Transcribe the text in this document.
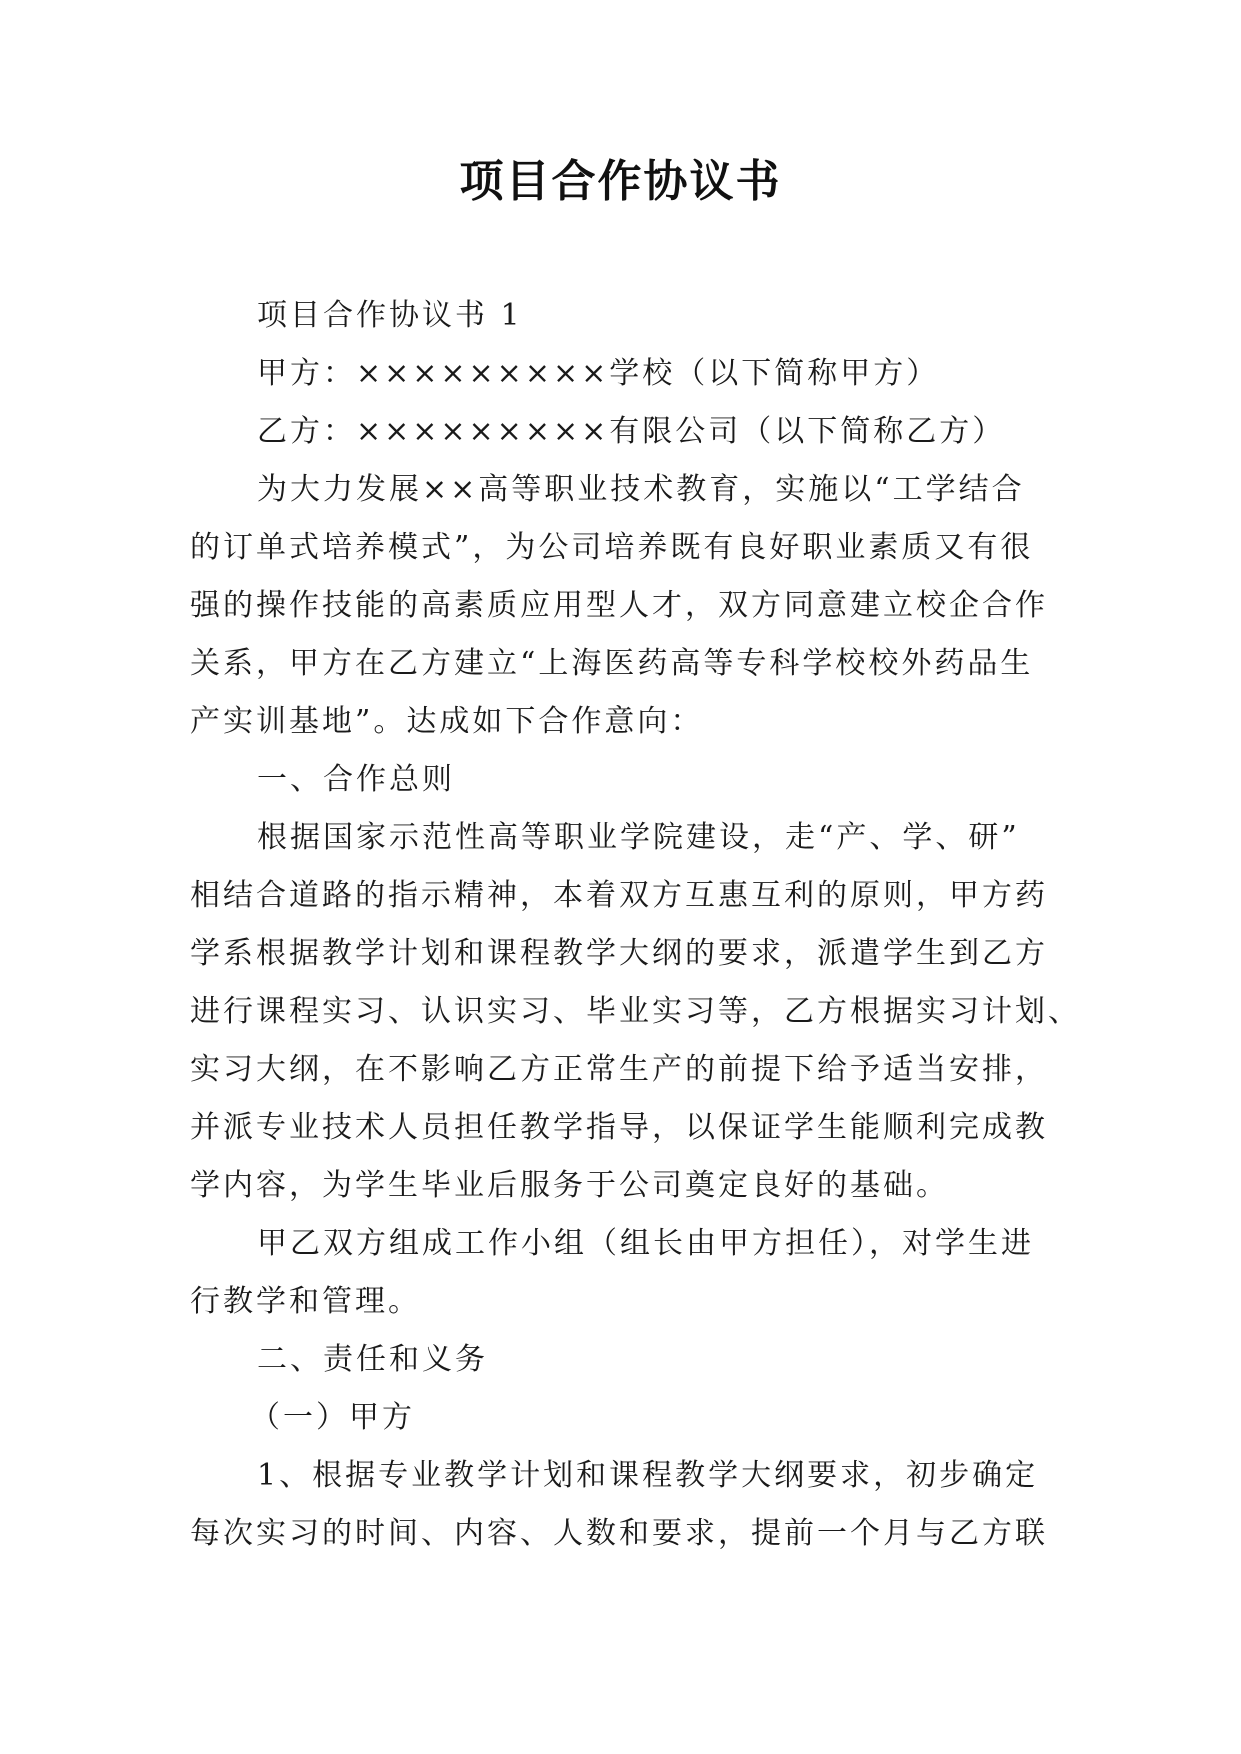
项目合作协议书
项目合作协议书 1
甲方：×××××××××学校（以下简称甲方）
乙方：×××××××××有限公司（以下简称乙方）
为大力发展××高等职业技术教育，实施以“工学结合
的订单式培养模式”，为公司培养既有良好职业素质又有很
强的操作技能的高素质应用型人才，双方同意建立校企合作
关系，甲方在乙方建立“上海医药高等专科学校校外药品生
产实训基地”。达成如下合作意向：
一、合作总则
根据国家示范性高等职业学院建设，走“产、学、研”
相结合道路的指示精神，本着双方互惠互利的原则，甲方药
学系根据教学计划和课程教学大纲的要求，派遣学生到乙方
进行课程实习、认识实习、毕业实习等，乙方根据实习计划、
实习大纲，在不影响乙方正常生产的前提下给予适当安排，
并派专业技术人员担任教学指导，以保证学生能顺利完成教
学内容，为学生毕业后服务于公司奠定良好的基础。
甲乙双方组成工作小组（组长由甲方担任），对学生进
行教学和管理。
二、责任和义务
（一）甲方
1、根据专业教学计划和课程教学大纲要求，初步确定
每次实习的时间、内容、人数和要求，提前一个月与乙方联
